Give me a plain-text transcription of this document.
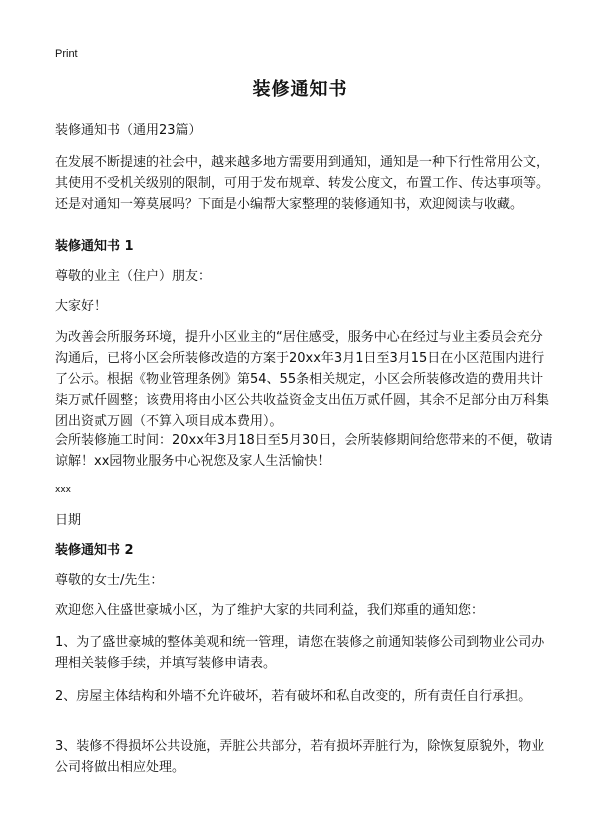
Print
装修通知书
装修通知书（通用23篇）
在发展不断提速的社会中，越来越多地方需要用到通知，通知是一种下行性常用公文，其使用不受机关级别的限制，可用于发布规章、转发公度文，布置工作、传达事项等。还是对通知一筹莫展吗？下面是小编帮大家整理的装修通知书，欢迎阅读与收藏。
装修通知书 1
尊敬的业主（住户）朋友：
大家好！
为改善会所服务环境，提升小区业主的“居住感受，服务中心在经过与业主委员会充分沟通后，已将小区会所装修改造的方案于20xx年3月1日至3月15日在小区范围内进行了公示。根据《物业管理条例》第54、55条相关规定，小区会所装修改造的费用共计柒万贰仟圆整；该费用将由小区公共收益资金支出伍万贰仟圆，其余不足部分由万科集团出资贰万圆（不算入项目成本费用）。
会所装修施工时间：20xx年3月18日至5月30日，会所装修期间给您带来的不便，敬请谅解！xx园物业服务中心祝您及家人生活愉快！
xxx
日期
装修通知书 2
尊敬的女士/先生：
欢迎您入住盛世豪城小区，为了维护大家的共同利益，我们郑重的通知您：
1、为了盛世豪城的整体美观和统一管理，请您在装修之前通知装修公司到物业公司办理相关装修手续，并填写装修申请表。
2、房屋主体结构和外墙不允许破坏，若有破坏和私自改变的，所有责任自行承担。
3、装修不得损坏公共设施，弄脏公共部分，若有损坏弄脏行为，除恢复原貌外，物业公司将做出相应处理。
